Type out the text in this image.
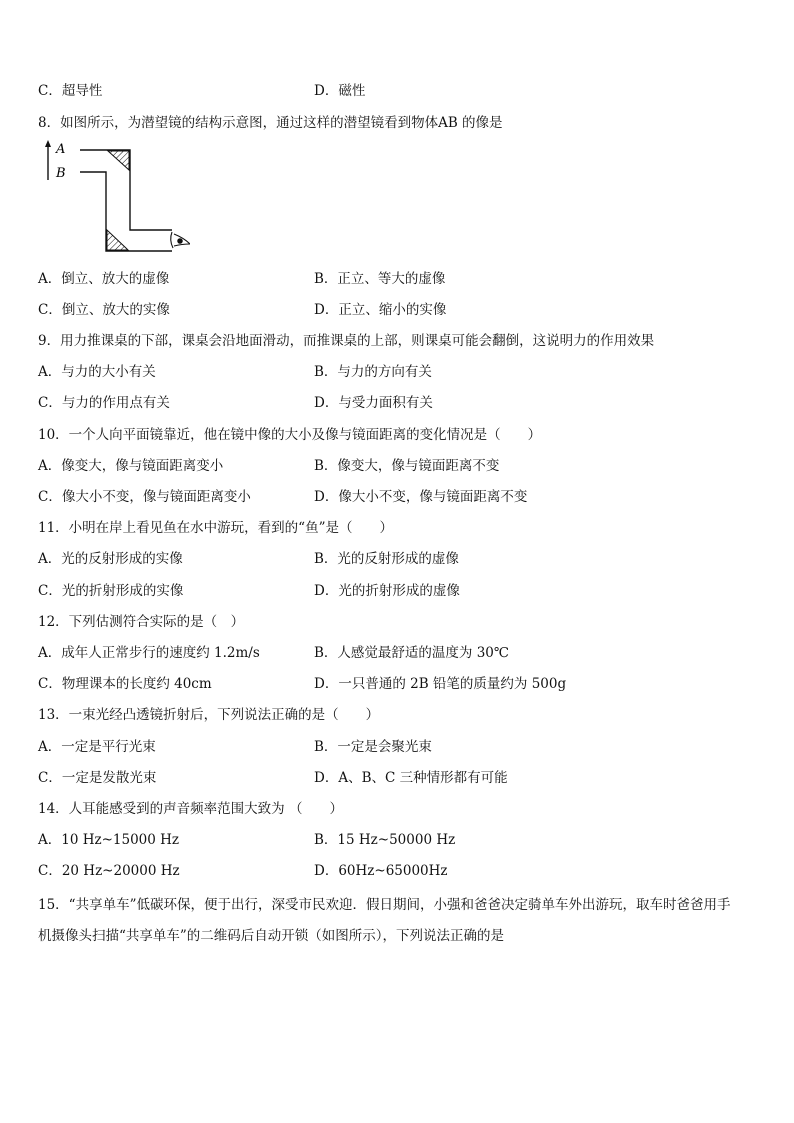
C．超导性	D．磁性
8．如图所示，为潜望镜的结构示意图，通过这样的潜望镜看到物体AB 的像是
A
B
A．倒立、放大的虚像	B．正立、等大的虚像
C．倒立、放大的实像	D．正立、缩小的实像
9．用力推课桌的下部，课桌会沿地面滑动，而推课桌的上部，则课桌可能会翻倒，这说明力的作用效果
A．与力的大小有关	B．与力的方向有关
C．与力的作用点有关	D．与受力面积有关
10．一个人向平面镜靠近，他在镜中像的大小及像与镜面距离的变化情况是（　　）
A．像变大，像与镜面距离变小	B．像变大，像与镜面距离不变
C．像大小不变，像与镜面距离变小	D．像大小不变，像与镜面距离不变
11．小明在岸上看见鱼在水中游玩，看到的“鱼”是（　　）
A．光的反射形成的实像	B．光的反射形成的虚像
C．光的折射形成的实像	D．光的折射形成的虚像
12．下列估测符合实际的是（　）
A．成年人正常步行的速度约 1.2m/s	B．人感觉最舒适的温度为 30℃
C．物理课本的长度约 40cm	D．一只普通的 2B 铅笔的质量约为 500g
13．一束光经凸透镜折射后，下列说法正确的是（　　）
A．一定是平行光束	B．一定是会聚光束
C．一定是发散光束	D．A、B、C 三种情形都有可能
14．人耳能感受到的声音频率范围大致为 （　　）
A．10 Hz~15000 Hz	B．15 Hz~50000 Hz
C．20 Hz~20000 Hz	D．60Hz~65000Hz
15．“共享单车”低碳环保，便于出行，深受市民欢迎．假日期间，小强和爸爸决定骑单车外出游玩，取车时爸爸用手
机摄像头扫描“共享单车”的二维码后自动开锁（如图所示），下列说法正确的是
